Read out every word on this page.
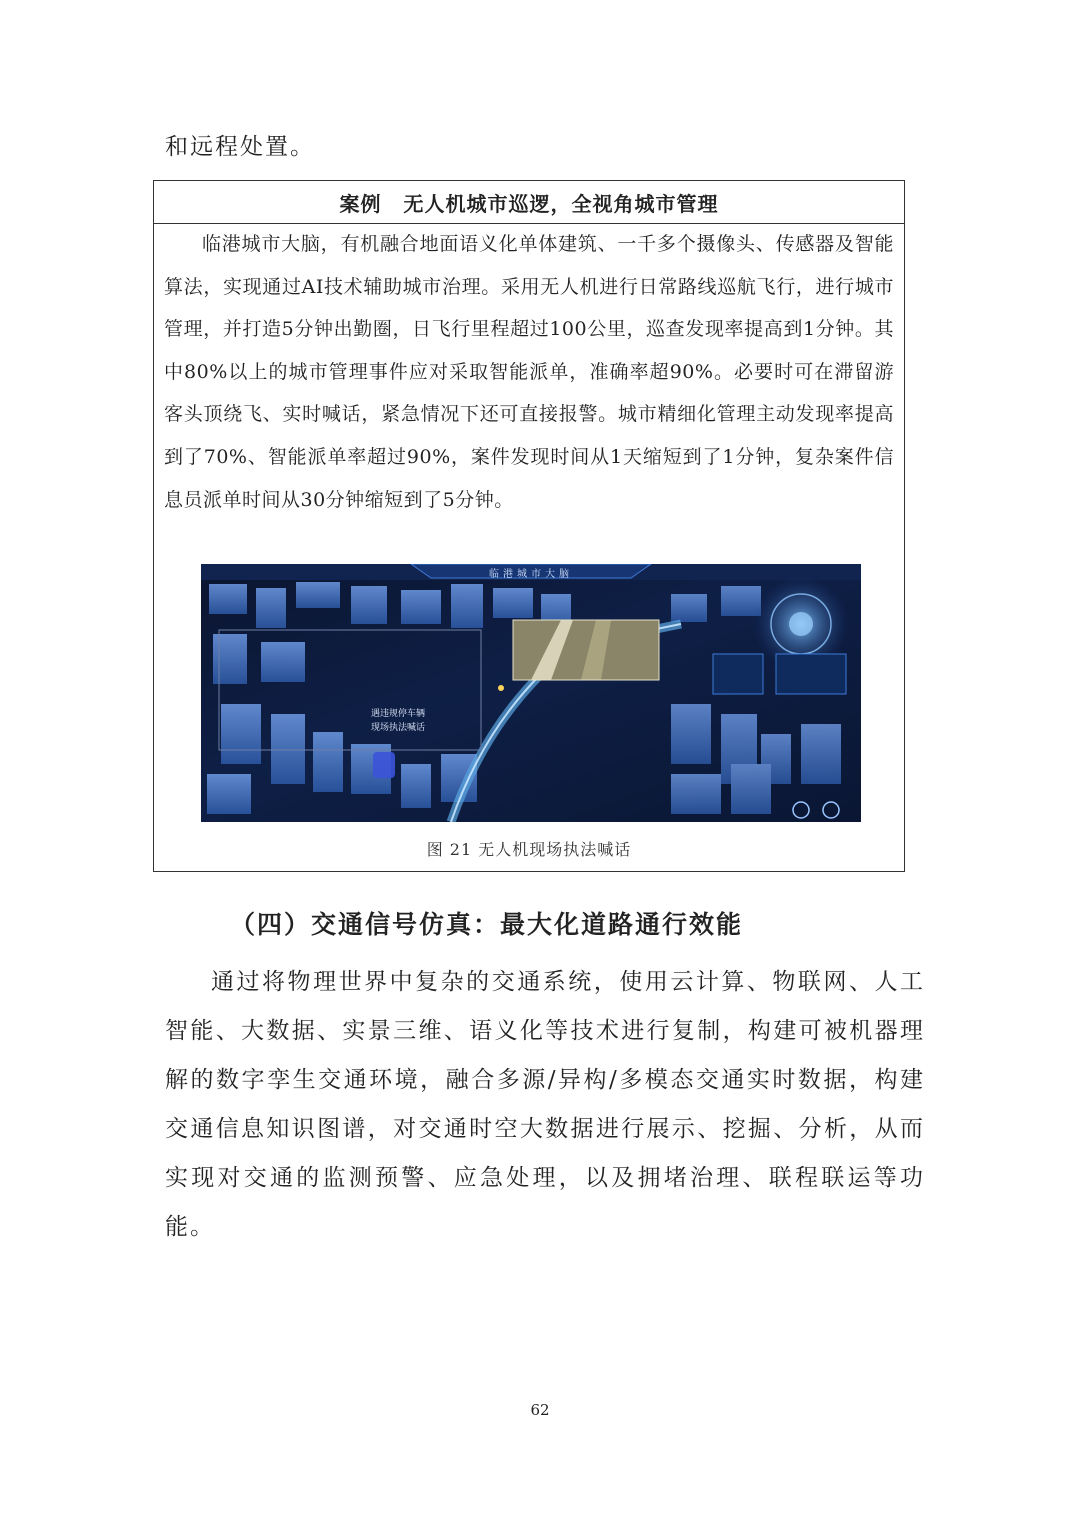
和远程处置。

案例 无人机城市巡逻，全视角城市管理
临港城市大脑，有机融合地面语义化单体建筑、一千多个摄像头、传感器及智能算法，实现通过AI技术辅助城市治理。采用无人机进行日常路线巡航飞行，进行城市管理，并打造5分钟出勤圈，日飞行里程超过100公里，巡查发现率提高到1分钟。其中80%以上的城市管理事件应对采取智能派单，准确率超90%。必要时可在滞留游客头顶绕飞、实时喊话，紧急情况下还可直接报警。城市精细化管理主动发现率提高到了70%、智能派单率超过90%，案件发现时间从1天缩短到了1分钟，复杂案件信息员派单时间从30分钟缩短到了5分钟。
临港城市大脑
遇违规停车辆
现场执法喊话
图 21 无人机现场执法喊话
（四）交通信号仿真：最大化道路通行效能
通过将物理世界中复杂的交通系统，使用云计算、物联网、人工智能、大数据、实景三维、语义化等技术进行复制，构建可被机器理解的数字孪生交通环境，融合多源/异构/多模态交通实时数据，构建交通信息知识图谱，对交通时空大数据进行展示、挖掘、分析，从而实现对交通的监测预警、应急处理，以及拥堵治理、联程联运等功能。
62
